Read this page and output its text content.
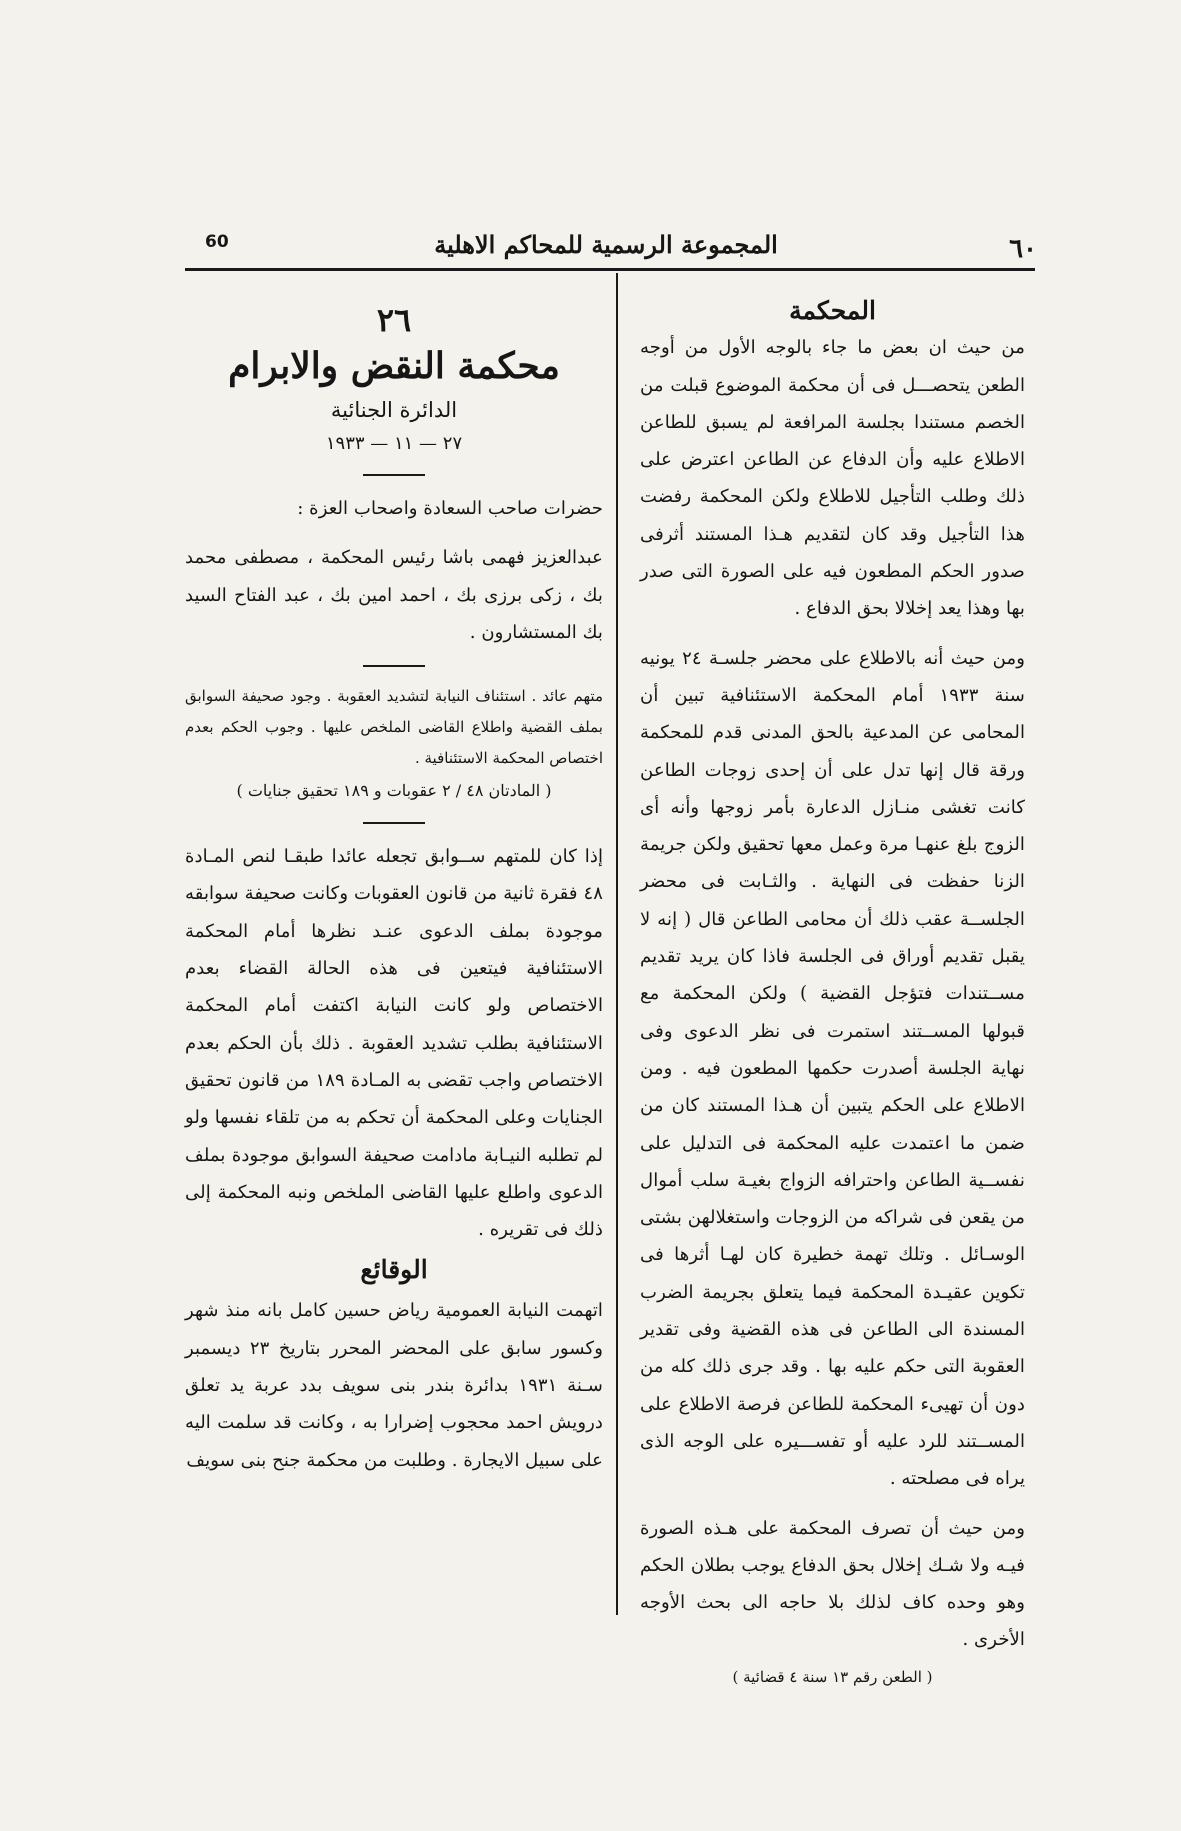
٦٠
المجموعة الرسمية للمحاكم الاهلية
60

المحكمة

من حيث ان بعض ما جاء بالوجه الأول من أوجه الطعن يتحصـــل فى أن محكمة الموضوع قبلت من الخصم مستندا بجلسة المرافعة لم يسبق للطاعن الاطلاع عليه وأن الدفاع عن الطاعن اعترض على ذلك وطلب التأجيل للاطلاع ولكن المحكمة رفضت هذا التأجيل وقد كان لتقديم هـذا المستند أثرفى صدور الحكم المطعون فيه على الصورة التى صدر بها وهذا يعد إخلالا بحق الدفاع .

ومن حيث أنه بالاطلاع على محضر جلسـة ٢٤ يونيه سنة ١٩٣٣ أمام المحكمة الاستئنافية تبين أن المحامى عن المدعية بالحق المدنى قدم للمحكمة ورقة قال إنها تدل على أن إحدى زوجات الطاعن كانت تغشى منـازل الدعارة بأمر زوجها وأنه أى الزوج بلغ عنهـا مرة وعمل معها تحقيق ولكن جريمة الزنا حفظت فى النهاية . والثـابت فى محضر الجلســة عقب ذلك أن محامى الطاعن قال ( إنه لا يقبل تقديم أوراق فى الجلسة فاذا كان يريد تقديم مســتندات فتؤجل القضية ) ولكن المحكمة مع قبولها المســتند استمرت فى نظر الدعوى وفى نهاية الجلسة أصدرت حكمها المطعون فيه . ومن الاطلاع على الحكم يتبين أن هـذا المستند كان من ضمن ما اعتمدت عليه المحكمة فى التدليل على نفســية الطاعن واحترافه الزواج بغيـة سلب أموال من يقعن فى شراكه من الزوجات واستغلالهن بشتى الوسـائل . وتلك تهمة خطيرة كان لهـا أثرها فى تكوين عقيـدة المحكمة فيما يتعلق بجريمة الضرب المسندة الى الطاعن فى هذه القضية وفى تقدير العقوبة التى حكم عليه بها . وقد جرى ذلك كله من دون أن تهيىء المحكمة للطاعن فرصة الاطلاع على المســتند للرد عليه أو تفســـيره على الوجه الذى يراه فى مصلحته .

ومن حيث أن تصرف المحكمة على هـذه الصورة فيـه ولا شـك إخلال بحق الدفاع يوجب بطلان الحكم وهو وحده كاف لذلك بلا حاجه الى بحث الأوجه الأخرى .

( الطعن رقم ١٣ سنة ٤ قضائية )

٢٦

محكمة النقض والابرام

الدائرة الجنائية

٢٧ — ١١ — ١٩٣٣

حضرات صاحب السعادة واصحاب العزة :

عبدالعزيز فهمى باشا رئيس المحكمة ، مصطفى محمد بك ، زكى برزى بك ، احمد امين بك ، عبد الفتاح السيد بك المستشارون .

متهم عائد . استئناف النيابة لتشديد العقوبة . وجود صحيفة السوابق بملف القضية واطلاع القاضى الملخص عليها . وجوب الحكم بعدم اختصاص المحكمة الاستئنافية .

( المادتان ٤٨ / ٢ عقوبات و ١٨٩ تحقيق جنايات )

إذا كان للمتهم ســوابق تجعله عائدا طبقـا لنص المـادة ٤٨ فقرة ثانية من قانون العقوبات وكانت صحيفة سوابقه موجودة بملف الدعوى عنـد نظرها أمام المحكمة الاستئنافية فيتعين فى هذه الحالة القضاء بعدم الاختصاص ولو كانت النيابة اكتفت أمام المحكمة الاستئنافية بطلب تشديد العقوبة . ذلك بأن الحكم بعدم الاختصاص واجب تقضى به المـادة ١٨٩ من قانون تحقيق الجنايات وعلى المحكمة أن تحكم به من تلقاء نفسها ولو لم تطلبه النيـابة مادامت صحيفة السوابق موجودة بملف الدعوى واطلع عليها القاضى الملخص ونبه المحكمة إلى ذلك فى تقريره .

الوقائع

اتهمت النيابة العمومية رياض حسين كامل بانه منذ شهر وكسور سابق على المحضر المحرر بتاريخ ٢٣ ديسمبر سـنة ١٩٣١ بدائرة بندر بنى سويف بدد عربة يد تعلق درويش احمد محجوب إضرارا به ، وكانت قد سلمت اليه على سبيل الايجارة . وطلبت من محكمة جنح بنى سويف
